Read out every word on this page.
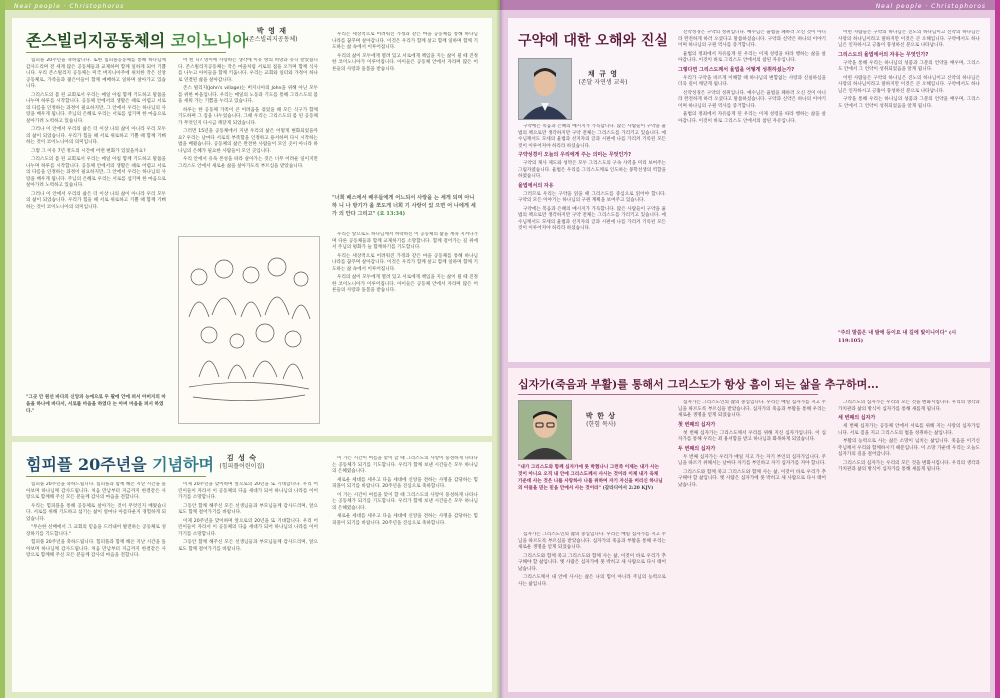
Neal people · Christophoros
존스빌리지공동체의 코이노니아	박 영 재
(존스빌리지공동체)

힘피플 20주년을 축하합니다. 또한 힘피플공동체를 통해 하나님께 감사드리며 전 세계 많은 공동체들과 교제하며 함께 일하게 되어 기쁩니다. 우리 존스빌리지 공동체는 미국 버지니아주에 위치한 작은 신앙공동체로, 가족들과 젊은이들이 함께 예배하고 일하며 살아가고 있습니다.

그리스도의 몸 된 교회로서 우리는 매일 아침 함께 기도하고 말씀을 나누며 하루를 시작합니다. 공동체 안에서의 생활은 때로 어렵고 서로의 다름을 인정하는 과정이 필요하지만, 그 안에서 우리는 하나님의 사랑을 배우게 됩니다. 주님의 은혜로 우리는 서로를 섬기며 한 마음으로 살아가려 노력하고 있습니다.

그러나 이 안에서 우리의 삶은 더 이상 나의 삶이 아니라 우리 모두의 삶이 되었습니다. 우리가 힘들 때 서로 위로하고 기쁠 때 함께 기뻐하는 것이 코이노니아의 의미입니다.

그렇 그 이유 7년 정도의 시간에 어떤 변화가 있었을까요?

그리스도의 몸 된 교회로서 우리는 매일 아침 함께 기도하고 말씀을 나누며 하루를 시작합니다. 공동체 안에서의 생활은 때로 어렵고 서로의 다름을 인정하는 과정이 필요하지만, 그 안에서 우리는 하나님의 사랑을 배우게 됩니다. 주님의 은혜로 우리는 서로를 섬기며 한 마음으로 살아가려 노력하고 있습니다.

그러나 이 안에서 우리의 삶은 더 이상 나의 삶이 아니라 우리 모두의 삶이 되었습니다. 우리가 힘들 때 서로 위로하고 기쁠 때 함께 기뻐하는 것이 코이노니아의 의미입니다.

어 헌 니? 영이에 사랑하는 생각에 이유 방의 희망과 유니 받았습니다. 존스빌리지공동체는 작은 마을처럼 서로의 집을 오가며 함께 식사를 나누고 아이들을 함께 키웁니다. 우리는 교회와 일터와 가정이 하나로 연결된 삶을 살아갑니다.

존스 빌리지(John's village)는 버지니아의 John을 위해 아닌 모두를 위한 마을입니다. 우리는 매일의 노동과 기도를 통해 그리스도의 몸을 세워 가는 기쁨을 누리고 있습니다.

하루는 한 공동체 가족이 큰 어려움을 겪었을 때 모든 식구가 함께 기도하며 그 짐을 나누었습니다. 그때 우리는 그리스도의 몸 된 공동체가 무엇인지 다시금 깨닫게 되었습니다.

그러면 15년을 공동체에서 지낸 우리의 삶은 어떻게 변화되었을까요? 우리는 날마다 서로의 부족함을 인정하고 용서하며 다시 시작하는 법을 배웠습니다. 공동체의 삶은 완전한 사람들이 모인 곳이 아니라 하나님의 은혜가 필요한 사람들이 모인 곳입니다.

우리 안에서 유독 본성을 따라 살아가는 것은 너무 어려운 일이지만 그리스도 안에서 새로운 삶을 살아가도록 부르심을 받았습니다.

우리는 세상적으로 어려워진 가정과 같은 마을 공동체를 통해 하나님 나라를 꿈꾸며 살아갑니다. 이것은 우리가 함께 살고 함께 일하며 함께 기도하는 삶 속에서 이루어집니다.

우리의 삶이 모두에게 열려 있고 서로에게 책임을 지는 삶이 될 때 진정한 코이노니아가 이루어집니다. 아이들은 공동체 안에서 자라며 많은 어른들의 사랑과 돌봄을 받습니다.

"너희 배스에서 배우들에게 어느되서 사랑을 는 세게 되며 아니하 니 나 방기가 올 쪼도게 너희 기 사랑이 있 으면 어 나에게 세가 의 안다 그리고" (요 13:34)

우리는 앞으로도 하나님께서 허락하신 이 공동체의 삶을 계속 지켜나가며 다른 공동체들과 함께 교제하기를 소망합니다. 함께 걸어가는 길 위에서 주님의 평화가 늘 함께하기를 기도합니다.

우리는 세상적으로 어려워진 가정과 같은 마을 공동체를 통해 하나님 나라를 꿈꾸며 살아갑니다. 이것은 우리가 함께 살고 함께 일하며 함께 기도하는 삶 속에서 이루어집니다.

우리의 삶이 모두에게 열려 있고 서로에게 책임을 지는 삶이 될 때 진정한 코이노니아가 이루어집니다. 아이들은 공동체 안에서 자라며 많은 어른들의 사랑과 돌봄을 받습니다.

"그곳 안 원선 바다의 신앙과 능에으로 두 팔에 안에 퍼서 아버지의 마음을 하나에 바다서, 서로를 마음을 하였다 는 아버 마음을 퍼서 하였다."
힘피플 20주년을 기념하며	김 성 숙
(힘피플어린이집)

힘피플 20주년을 축하드립니다. 힘피플과 함께 해온 지난 시간을 돌아보며 하나님께 감사드립니다. 처음 만남부터 지금까지 한결같은 사랑으로 함께해 주신 모든 분들께 감사의 마음을 전합니다.

우리는 힘피플을 통해 공동체로 살아가는 것이 무엇인지 배웠습니다. 서로를 위해 기도하고 섬기는 삶이 얼마나 아름다운지 경험하게 되었습니다.

"무슨한 선배에서 그 교회의 믿음을 드러내어 발전하는 공동체로 성장하기를 기도합니다."

힘피플 20주년을 축하드립니다. 힘피플과 함께 해온 지난 시간을 돌아보며 하나님께 감사드립니다. 처음 만남부터 지금까지 한결같은 사랑으로 함께해 주신 모든 분들께 감사의 마음을 전합니다.

이제 20주년을 맞이하며 앞으로의 20년을 또 기대합니다. 우리 어린이들이 자라서 이 공동체의 다음 세대가 되어 하나님의 나라를 이어가기를 소망합니다.

그동안 함께 해주신 모든 선생님들과 부모님들께 감사드리며, 앞으로도 함께 걸어가기를 바랍니다.

이제 20주년을 맞이하며 앞으로의 20년을 또 기대합니다. 우리 어린이들이 자라서 이 공동체의 다음 세대가 되어 하나님의 나라를 이어가기를 소망합니다.

그동안 함께 해주신 모든 선생님들과 부모님들께 감사드리며, 앞으로도 함께 걸어가기를 바랍니다.

이 가는 시간이 여름을 맞이 할 때 그리스도의 사랑이 풍성하게 나타나는 공동체가 되기를 기도합니다. 우리가 함께 보낸 시간들은 모두 하나님의 은혜였습니다.

새로운 세대를 세우고 다음 세대에 신앙을 전하는 사명을 감당하는 힘피플이 되기를 바랍니다. 20주년을 진심으로 축하합니다.

이 가는 시간이 여름을 맞이 할 때 그리스도의 사랑이 풍성하게 나타나는 공동체가 되기를 기도합니다. 우리가 함께 보낸 시간들은 모두 하나님의 은혜였습니다.

새로운 세대를 세우고 다음 세대에 신앙을 전하는 사명을 감당하는 힘피플이 되기를 바랍니다. 20주년을 진심으로 축하합니다.

Neal people · Christophoros
구약에 대한 오해와 진실
채 규 영
(존달 자연생 교육)

구약에는 복음과 은혜의 메시지가 가득합니다. 많은 사람들이 구약을 율법의 책으로만 생각하지만 구약 전체는 그리스도를 가리키고 있습니다. 예수님께서도 모세의 율법과 선지자의 글과 시편에 나를 가리켜 기록된 모든 것이 이루어져야 하리라 하셨습니다.

구약성경이 오늘의 우리에게 주는 의미는 무엇인가?

구약의 제사 제도와 성막은 모두 그리스도의 구속 사역을 미리 보여주는 그림자였습니다. 율법은 우리를 그리스도께로 인도하는 몽학선생의 역할을 하였습니다.

율법에서의 자유

그러므로 우리는 구약을 읽을 때 그리스도를 중심으로 읽어야 합니다. 구약의 모든 이야기는 하나님의 구원 계획을 보여주고 있습니다.

구약에는 복음과 은혜의 메시지가 가득합니다. 많은 사람들이 구약을 율법의 책으로만 생각하지만 구약 전체는 그리스도를 가리키고 있습니다. 예수님께서도 모세의 율법과 선지자의 글과 시편에 나를 가리켜 기록된 모든 것이 이루어져야 하리라 하셨습니다.

신약성경은 구약의 성취입니다. 예수님은 율법을 폐하러 오신 것이 아니라 완전하게 하러 오셨다고 말씀하셨습니다. 구약과 신약은 하나의 이야기이며 하나님의 구원 역사를 증거합니다.

율법의 정죄에서 자유롭게 된 우리는 이제 성령을 따라 행하는 삶을 살아갑니다. 이것이 바로 그리스도 안에서의 참된 자유입니다.

그렇다면 그리스도께서 율법을 어떻게 성취하셨는가?

우리가 구약을 바르게 이해할 때 하나님의 변함없는 사랑과 신실하심을 더욱 깊이 깨닫게 됩니다.

신약성경은 구약의 성취입니다. 예수님은 율법을 폐하러 오신 것이 아니라 완전하게 하러 오셨다고 말씀하셨습니다. 구약과 신약은 하나의 이야기이며 하나님의 구원 역사를 증거합니다.

율법의 정죄에서 자유롭게 된 우리는 이제 성령을 따라 행하는 삶을 살아갑니다. 이것이 바로 그리스도 안에서의 참된 자유입니다.

어떤 사람들은 구약의 하나님은 진노의 하나님이고 신약의 하나님은 사랑의 하나님이라고 말하지만 이것은 큰 오해입니다. 구약에서도 하나님은 인자하시고 긍휼이 풍성하신 분으로 나타납니다.

그리스도의 율법에서의 자유는 무엇인가?

구약을 통해 우리는 하나님의 성품과 그분의 언약을 배우며, 그리스도 안에서 그 언약이 성취되었음을 알게 됩니다.

어떤 사람들은 구약의 하나님은 진노의 하나님이고 신약의 하나님은 사랑의 하나님이라고 말하지만 이것은 큰 오해입니다. 구약에서도 하나님은 인자하시고 긍휼이 풍성하신 분으로 나타납니다.

구약을 통해 우리는 하나님의 성품과 그분의 언약을 배우며, 그리스도 안에서 그 언약이 성취되었음을 알게 됩니다.

"주의 말씀은 내 발에 등이요 내 길에 빛이니이다" (시 119:105)
십자가(죽음과 부활)를 통해서 그리스도가 항상 흠이 되는 삶을 추구하며...
박 한 상
(한힘 목사)
"내가 그리스도와 함께 십자가에 못 박혔나니 그런즉 이제는 내가 사는 것이 아니요 오직 내 안에 그리스도께서 사시는 것이라 이제 내가 육체 가운데 사는 것은 나를 사랑하사 나를 위하여 자기 자신을 버리신 하나님의 아들을 믿는 믿음 안에서 사는 것이라" (갈라디아서 2:20 KJV)

십자가는 그리스도인의 삶의 중심입니다. 우리는 매일 십자가를 지고 주님을 따르도록 부르심을 받았습니다. 십자가의 죽음과 부활을 통해 우리는 새로운 생명을 얻게 되었습니다.

그리스도와 함께 죽고 그리스도와 함께 사는 삶, 이것이 바로 우리가 추구해야 할 삶입니다. 옛 사람은 십자가에 못 박히고 새 사람으로 다시 태어났습니다.

그리스도께서 내 안에 사시는 삶은 나의 힘이 아니라 주님의 능력으로 사는 삶입니다.

십자가는 그리스도인의 삶의 중심입니다. 우리는 매일 십자가를 지고 주님을 따르도록 부르심을 받았습니다. 십자가의 죽음과 부활을 통해 우리는 새로운 생명을 얻게 되었습니다.

첫 번째의 십자가

첫 번째 십자가는 그리스도께서 우리를 위해 지신 십자가입니다. 이 십자가를 통해 우리는 죄 용서함을 받고 하나님과 화목하게 되었습니다.

두 번째의 십자가

두 번째 십자가는 우리가 매일 지고 가는 자기 부인의 십자가입니다. 주님을 따르기 위해서는 날마다 자기를 부인하고 자기 십자가를 져야 합니다.

그리스도와 함께 죽고 그리스도와 함께 사는 삶, 이것이 바로 우리가 추구해야 할 삶입니다. 옛 사람은 십자가에 못 박히고 새 사람으로 다시 태어났습니다.

그리스도의 십자가는 우리의 모든 것을 변화시킵니다. 우리의 생각과 가치관과 삶의 방식이 십자가를 통해 새롭게 됩니다.

세 번째의 십자가

세 번째 십자가는 공동체 안에서 서로를 위해 지는 사랑의 십자가입니다. 서로 짐을 지고 그리스도의 법을 성취하는 삶입니다.

부활의 능력으로 사는 삶은 소망이 넘치는 삶입니다. 죽음을 이기신 주님께서 우리와 함께하시기 때문입니다. 이 소망 가운데 우리는 오늘도 십자가의 길을 걸어갑니다.

그리스도의 십자가는 우리의 모든 것을 변화시킵니다. 우리의 생각과 가치관과 삶의 방식이 십자가를 통해 새롭게 됩니다.
